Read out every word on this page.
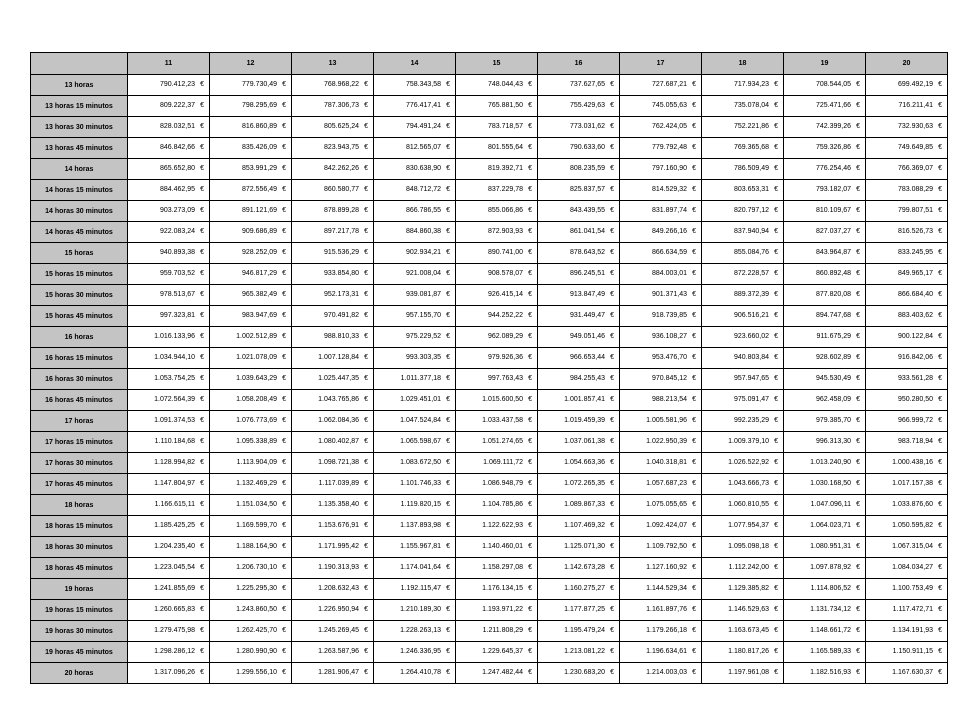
	11	12	13	14	15	16	17	18	19	20
13 horas	790.412,23 €	779.730,49 €	768.968,22 €	758.343,58 €	748.044,43 €	737.627,65 €	727.687,21 €	717.934,23 €	708.544,05 €	699.492,19 €

13 horas 15 minutos	809.222,37 €	798.295,69 €	787.306,73 €	776.417,41 €	765.881,50 €	755.429,63 €	745.055,63 €	735.078,04 €	725.471,66 €	716.211,41 €

13 horas 30 minutos	828.032,51 €	816.860,89 €	805.625,24 €	794.491,24 €	783.718,57 €	773.031,62 €	762.424,05 €	752.221,86 €	742.399,26 €	732.930,63 €

13 horas 45 minutos	846.842,66 €	835.426,09 €	823.943,75 €	812.565,07 €	801.555,64 €	790.633,60 €	779.792,48 €	769.365,68 €	759.326,86 €	749.649,85 €

14 horas	865.652,80 €	853.991,29 €	842.262,26 €	830.638,90 €	819.392,71 €	808.235,59 €	797.160,90 €	786.509,49 €	776.254,46 €	766.369,07 €

14 horas 15 minutos	884.462,95 €	872.556,49 €	860.580,77 €	848.712,72 €	837.229,78 €	825.837,57 €	814.529,32 €	803.653,31 €	793.182,07 €	783.088,29 €

14 horas 30 minutos	903.273,09 €	891.121,69 €	878.899,28 €	866.786,55 €	855.066,86 €	843.439,55 €	831.897,74 €	820.797,12 €	810.109,67 €	799.807,51 €

14 horas 45 minutos	922.083,24 €	909.686,89 €	897.217,78 €	884.860,38 €	872.903,93 €	861.041,54 €	849.266,16 €	837.940,94 €	827.037,27 €	816.526,73 €

15 horas	940.893,38 €	928.252,09 €	915.536,29 €	902.934,21 €	890.741,00 €	878.643,52 €	866.634,59 €	855.084,76 €	843.964,87 €	833.245,95 €

15 horas 15 minutos	959.703,52 €	946.817,29 €	933.854,80 €	921.008,04 €	908.578,07 €	896.245,51 €	884.003,01 €	872.228,57 €	860.892,48 €	849.965,17 €

15 horas 30 minutos	978.513,67 €	965.382,49 €	952.173,31 €	939.081,87 €	926.415,14 €	913.847,49 €	901.371,43 €	889.372,39 €	877.820,08 €	866.684,40 €

15 horas 45 minutos	997.323,81 €	983.947,69 €	970.491,82 €	957.155,70 €	944.252,22 €	931.449,47 €	918.739,85 €	906.516,21 €	894.747,68 €	883.403,62 €

16 horas	1.016.133,96 €	1.002.512,89 €	988.810,33 €	975.229,52 €	962.089,29 €	949.051,46 €	936.108,27 €	923.660,02 €	911.675,29 €	900.122,84 €

16 horas 15 minutos	1.034.944,10 €	1.021.078,09 €	1.007.128,84 €	993.303,35 €	979.926,36 €	966.653,44 €	953.476,70 €	940.803,84 €	928.602,89 €	916.842,06 €

16 horas 30 minutos	1.053.754,25 €	1.039.643,29 €	1.025.447,35 €	1.011.377,18 €	997.763,43 €	984.255,43 €	970.845,12 €	957.947,65 €	945.530,49 €	933.561,28 €

16 horas 45 minutos	1.072.564,39 €	1.058.208,49 €	1.043.765,86 €	1.029.451,01 €	1.015.600,50 €	1.001.857,41 €	988.213,54 €	975.091,47 €	962.458,09 €	950.280,50 €

17 horas	1.091.374,53 €	1.076.773,69 €	1.062.084,36 €	1.047.524,84 €	1.033.437,58 €	1.019.459,39 €	1.005.581,96 €	992.235,29 €	979.385,70 €	966.999,72 €

17 horas 15 minutos	1.110.184,68 €	1.095.338,89 €	1.080.402,87 €	1.065.598,67 €	1.051.274,65 €	1.037.061,38 €	1.022.950,39 €	1.009.379,10 €	996.313,30 €	983.718,94 €

17 horas 30 minutos	1.128.994,82 €	1.113.904,09 €	1.098.721,38 €	1.083.672,50 €	1.069.111,72 €	1.054.663,36 €	1.040.318,81 €	1.026.522,92 €	1.013.240,90 €	1.000.438,16 €

17 horas 45 minutos	1.147.804,97 €	1.132.469,29 €	1.117.039,89 €	1.101.746,33 €	1.086.948,79 €	1.072.265,35 €	1.057.687,23 €	1.043.666,73 €	1.030.168,50 €	1.017.157,38 €

18 horas	1.166.615,11 €	1.151.034,50 €	1.135.358,40 €	1.119.820,15 €	1.104.785,86 €	1.089.867,33 €	1.075.055,65 €	1.060.810,55 €	1.047.096,11 €	1.033.876,60 €

18 horas 15 minutos	1.185.425,25 €	1.169.599,70 €	1.153.676,91 €	1.137.893,98 €	1.122.622,93 €	1.107.469,32 €	1.092.424,07 €	1.077.954,37 €	1.064.023,71 €	1.050.595,82 €

18 horas 30 minutos	1.204.235,40 €	1.188.164,90 €	1.171.995,42 €	1.155.967,81 €	1.140.460,01 €	1.125.071,30 €	1.109.792,50 €	1.095.098,18 €	1.080.951,31 €	1.067.315,04 €

18 horas 45 minutos	1.223.045,54 €	1.206.730,10 €	1.190.313,93 €	1.174.041,64 €	1.158.297,08 €	1.142.673,28 €	1.127.160,92 €	1.112.242,00 €	1.097.878,92 €	1.084.034,27 €

19 horas	1.241.855,69 €	1.225.295,30 €	1.208.632,43 €	1.192.115,47 €	1.176.134,15 €	1.160.275,27 €	1.144.529,34 €	1.129.385,82 €	1.114.806,52 €	1.100.753,49 €

19 horas 15 minutos	1.260.665,83 €	1.243.860,50 €	1.226.950,94 €	1.210.189,30 €	1.193.971,22 €	1.177.877,25 €	1.161.897,76 €	1.146.529,63 €	1.131.734,12 €	1.117.472,71 €

19 horas 30 minutos	1.279.475,98 €	1.262.425,70 €	1.245.269,45 €	1.228.263,13 €	1.211.808,29 €	1.195.479,24 €	1.179.266,18 €	1.163.673,45 €	1.148.661,72 €	1.134.191,93 €

19 horas 45 minutos	1.298.286,12 €	1.280.990,90 €	1.263.587,96 €	1.246.336,95 €	1.229.645,37 €	1.213.081,22 €	1.196.634,61 €	1.180.817,26 €	1.165.589,33 €	1.150.911,15 €

20 horas	1.317.096,26 €	1.299.556,10 €	1.281.906,47 €	1.264.410,78 €	1.247.482,44 €	1.230.683,20 €	1.214.003,03 €	1.197.961,08 €	1.182.516,93 €	1.167.630,37 €
